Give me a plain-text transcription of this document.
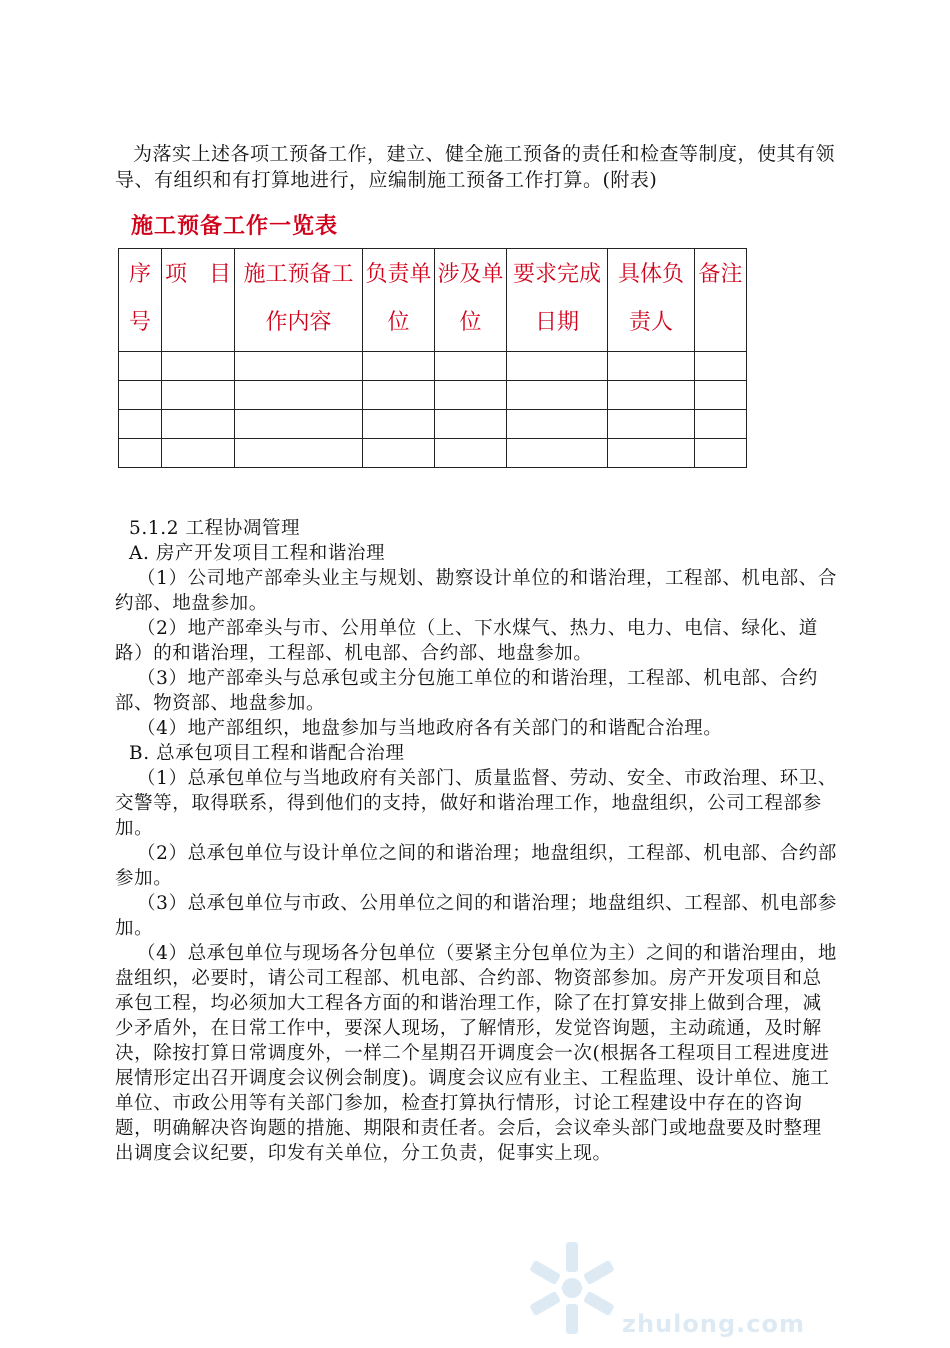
为落实上述各项工预备工作，建立、健全施工预备的责任和检查等制度，使其有领导、有组织和有打算地进行，应编制施工预备工作打算。(附表)

施工预备工作一览表
序号	项　目	施工预备工作内容	负责单位	涉及单位	要求完成日期	具体负责人	备注

5.1.2 工程协凋管理

A. 房产开发项目工程和谐治理

（1）公司地产部牵头业主与规划、勘察设计单位的和谐治理，工程部、机电部、合约部、地盘参加。

（2）地产部牵头与市、公用单位（上、下水煤气、热力、电力、电信、绿化、道路）的和谐治理，工程部、机电部、合约部、地盘参加。

（3）地产部牵头与总承包或主分包施工单位的和谐治理，工程部、机电部、合约部、物资部、地盘参加。

（4）地产部组织，地盘参加与当地政府各有关部门的和谐配合治理。

B. 总承包项目工程和谐配合治理

（1）总承包单位与当地政府有关部门、质量监督、劳动、安全、市政治理、环卫、交警等，取得联系，得到他们的支持，做好和谐治理工作，地盘组织，公司工程部参加。

（2）总承包单位与设计单位之间的和谐治理；地盘组织，工程部、机电部、合约部参加。

（3）总承包单位与市政、公用单位之间的和谐治理；地盘组织、工程部、机电部参加。

（4）总承包单位与现场各分包单位（要紧主分包单位为主）之间的和谐治理由，地盘组织，必要时，请公司工程部、机电部、合约部、物资部参加。房产开发项目和总承包工程，均必须加大工程各方面的和谐治理工作，除了在打算安排上做到合理，减少矛盾外，在日常工作中，要深人现场，了解情形，发觉咨询题，主动疏通，及时解决，除按打算日常调度外，一样二个星期召开调度会一次(根据各工程项目工程进度进展情形定出召开调度会议例会制度)。调度会议应有业主、工程监理、设计单位、施工单位、市政公用等有关部门参加，检查打算执行情形，讨论工程建设中存在的咨询题，明确解决咨询题的措施、期限和责任者。会后，会议牵头部门或地盘要及时整理出调度会议纪要，印发有关单位，分工负责，促事实上现。

zhulong.com
